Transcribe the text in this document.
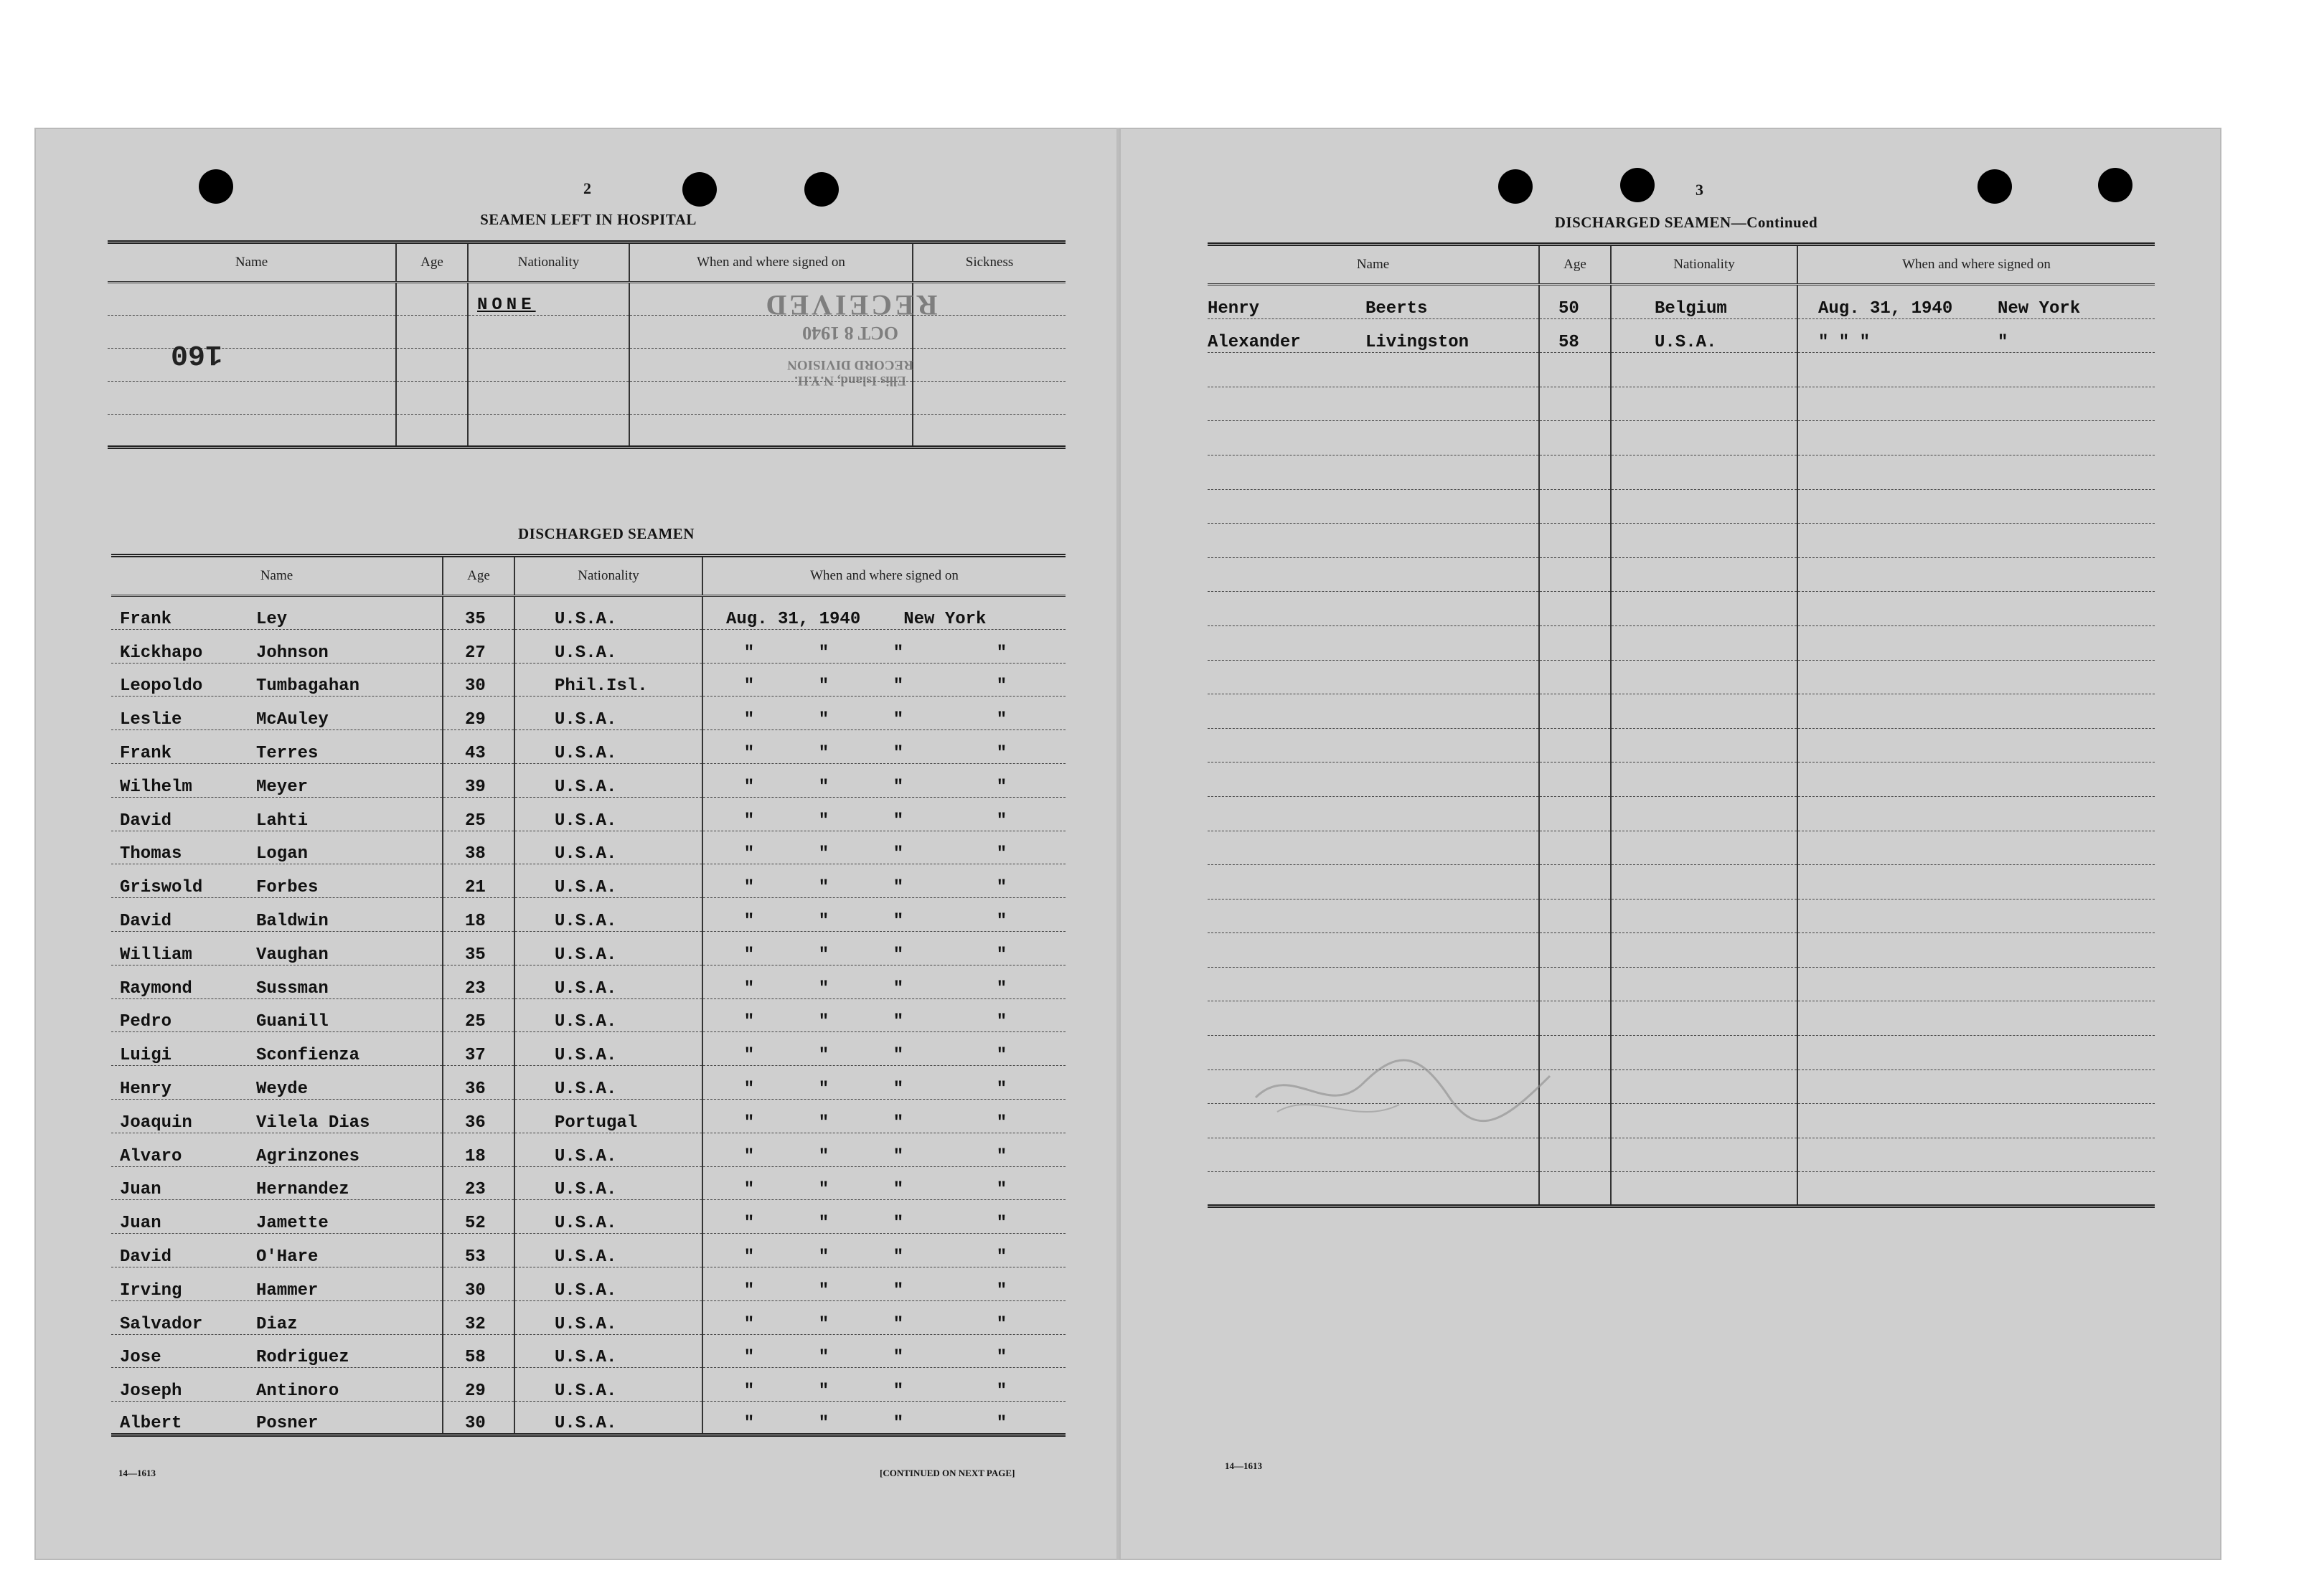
2
SEAMEN LEFT IN HOSPITAL
Name	Age	Nationality	When and where signed on	Sickness
		NONE		

160
Ellis Island, N.Y.H.
RECORD DIVISION
OCT 8 1940
RECEIVED
DISCHARGED SEAMEN
Name	Age	Nationality	When and where signed on
Frank Ley	35	U.S.A.	Aug. 31, 1940 New York
Kickhapo Johnson	27	U.S.A.	" " " "
Leopoldo Tumbagahan	30	Phil.Isl.	" " " "
Leslie McAuley	29	U.S.A.	" " " "
Frank Terres	43	U.S.A.	" " " "
Wilhelm Meyer	39	U.S.A.	" " " "
David Lahti	25	U.S.A.	" " " "
Thomas Logan	38	U.S.A.	" " " "
Griswold Forbes	21	U.S.A.	" " " "
David Baldwin	18	U.S.A.	" " " "
William Vaughan	35	U.S.A.	" " " "
Raymond Sussman	23	U.S.A.	" " " "
Pedro Guanill	25	U.S.A.	" " " "
Luigi Sconfienza	37	U.S.A.	" " " "
Henry Weyde	36	U.S.A.	" " " "
Joaquin Vilela Dias	36	Portugal	" " " "
Alvaro Agrinzones	18	U.S.A.	" " " "
Juan Hernandez	23	U.S.A.	" " " "
Juan Jamette	52	U.S.A.	" " " "
David O'Hare	53	U.S.A.	" " " "
Irving Hammer	30	U.S.A.	" " " "
Salvador Diaz	32	U.S.A.	" " " "
Jose Rodriguez	58	U.S.A.	" " " "
Joseph Antinoro	29	U.S.A.	" " " "
Albert Posner	30	U.S.A.	" " " "
14—1613	[CONTINUED ON NEXT PAGE]
3
DISCHARGED SEAMEN—Continued
Name	Age	Nationality	When and where signed on
Henry Beerts	50	Belgium	Aug. 31, 1940 New York
Alexander Livingston	58	U.S.A.	" " " "

14—1613
